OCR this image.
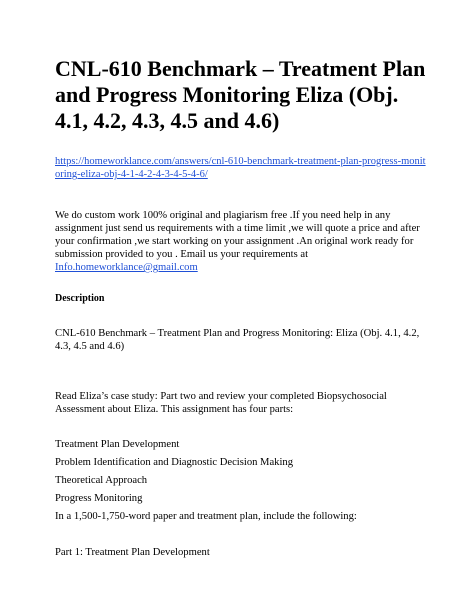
CNL-610 Benchmark – Treatment Plan and Progress Monitoring Eliza (Obj. 4.1, 4.2, 4.3, 4.5 and 4.6)
https://homeworklance.com/answers/cnl-610-benchmark-treatment-plan-progress-monitoring-eliza-obj-4-1-4-2-4-3-4-5-4-6/

We do custom work 100% original and plagiarism free .If you need help in any assignment just send us requirements with a time limit ,we will quote a price and after your confirmation ,we start working on your assignment .An original work ready for submission provided to you . Email us your requirements at Info.homeworklance@gmail.com

Description

CNL-610 Benchmark – Treatment Plan and Progress Monitoring: Eliza (Obj. 4.1, 4.2, 4.3, 4.5 and 4.6)

Read Eliza’s case study: Part two and review your completed Biopsychosocial Assessment about Eliza. This assignment has four parts:

Treatment Plan Development

Problem Identification and Diagnostic Decision Making

Theoretical Approach

Progress Monitoring

In a 1,500-1,750-word paper and treatment plan, include the following:

Part 1: Treatment Plan Development
